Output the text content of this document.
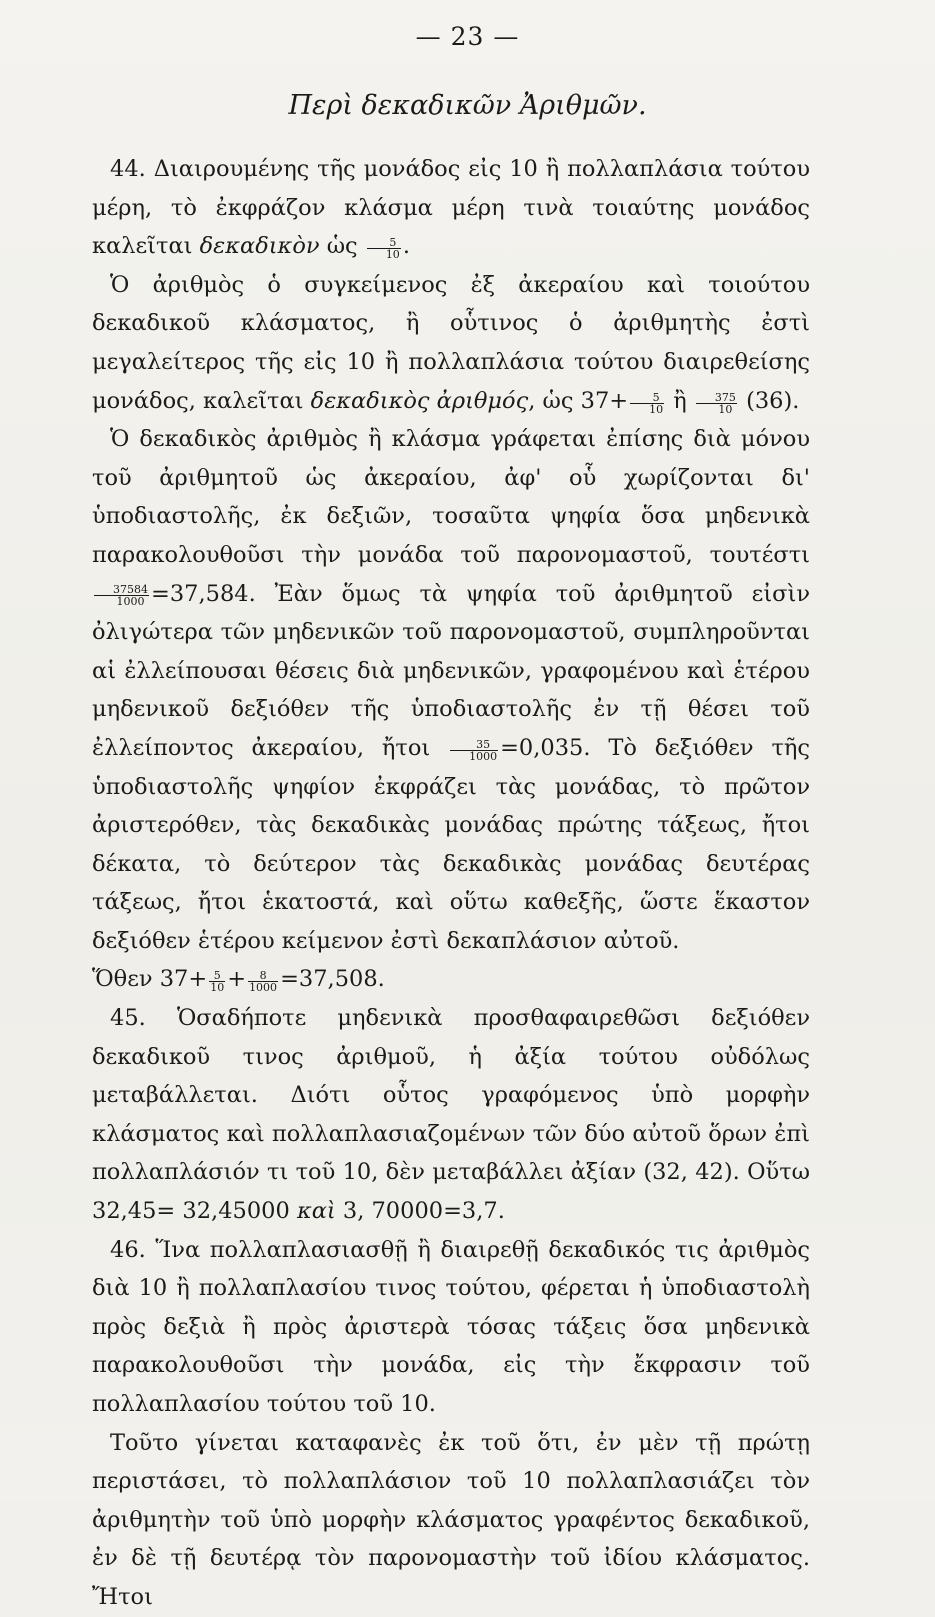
— 23 —
Περὶ δεκαδικῶν Ἀριθμῶν.

44. Διαιρουμένης τῆς μονάδος εἰς 10 ἢ πολλαπλάσια τούτου μέρη, τὸ ἐκφράζον κλάσμα μέρη τινὰ τοιαύτης μονάδος καλεῖται δεκαδικὸν ὡς $\frac{5}{10}$ .

Ὁ ἀριθμὸς ὁ συγκείμενος ἐξ ἀκεραίου καὶ τοιούτου δεκαδικοῦ κλάσματος, ἢ οὗτινος ὁ ἀριθμητὴς ἐστὶ μεγαλείτερος τῆς εἰς 10 ἢ πολλαπλάσια τούτου διαιρεθείσης μονάδος, καλεῖται δεκαδικὸς ἀριθμός, ὡς $37+ \frac{5}{10}$ ἢ $\frac{375}{10} (36)$.

Ὁ δεκαδικὸς ἀριθμὸς ἢ κλάσμα γράφεται ἐπίσης διὰ μόνου τοῦ ἀριθμητοῦ ὡς ἀκεραίου, ἀφ' οὗ χωρίζονται δι' ὑποδιαστολῆς, ἐκ δεξιῶν, τοσαῦτα ψηφία ὅσα μηδενικὰ παρακολουθοῦσι τὴν μονάδα τοῦ παρονομαστοῦ, τουτέστι
$\frac{37584}{1000} =37,584$. Ἐὰν ὅμως τὰ ψηφία τοῦ ἀριθμητοῦ εἰσὶν ὀλιγώτερα τῶν μηδενικῶν τοῦ παρονομαστοῦ, συμπληροῦνται αἱ ἐλλείπουσαι θέσεις διὰ μηδενικῶν, γραφομένου καὶ ἑτέρου μηδενικοῦ δεξιόθεν τῆς ὑποδιαστολῆς ἐν τῇ θέσει τοῦ ἐλλείποντος ἀκεραίου, ἤτοι $\frac{35}{1000} =0,035$. Τὸ δεξιόθεν τῆς ὑποδιαστολῆς ψηφίον ἐκφράζει τὰς μονάδας, τὸ πρῶτον ἀριστερόθεν, τὰς δεκαδικὰς μονάδας πρώτης τάξεως, ἤτοι δέκατα, τὸ δεύτερον τὰς δεκαδικὰς μονάδας δευτέρας τάξεως, ἤτοι ἑκατοστά, καὶ οὕτω καθεξῆς, ὥστε ἕκαστον δεξιόθεν ἑτέρου κείμενον ἐστὶ δεκαπλάσιον αὐτοῦ.

Ὅθεν $37+ \frac{5}{10} + \frac{8}{1000} =37,508$.

45. Ὁσαδήποτε μηδενικὰ προσθαφαιρεθῶσι δεξιόθεν δεκαδικοῦ τινος ἀριθμοῦ, ἡ ἀξία τούτου οὐδόλως μεταβάλλεται. Διότι οὗτος γραφόμενος ὑπὸ μορφὴν κλάσματος καὶ πολλαπλασιαζομένων τῶν δύο αὐτοῦ ὅρων ἐπὶ πολλαπλάσιόν τι τοῦ 10, δὲν μεταβάλλει ἀξίαν (32, 42). Οὕτω 32,45= 32,45000 καὶ 3, 70000=3,7.

46. Ἵνα πολλαπλασιασθῇ ἢ διαιρεθῇ δεκαδικός τις ἀριθμὸς διὰ 10 ἢ πολλαπλασίου τινος τούτου, φέρεται ἡ ὑποδιαστολὴ πρὸς δεξιὰ ἢ πρὸς ἀριστερὰ τόσας τάξεις ὅσα μηδενικὰ παρακολουθοῦσι τὴν μονάδα, εἰς τὴν ἔκφρασιν τοῦ πολλαπλασίου τούτου τοῦ 10.

Τοῦτο γίνεται καταφανὲς ἐκ τοῦ ὅτι, ἐν μὲν τῇ πρώτῃ περιστάσει, τὸ πολλαπλάσιον τοῦ 10 πολλαπλασιάζει τὸν ἀριθμητὴν τοῦ ὑπὸ μορφὴν κλάσματος γραφέντος δεκαδικοῦ, ἐν δὲ τῇ δευτέρᾳ τὸν παρονομαστὴν τοῦ ἰδίου κλάσματος. Ἤτοι
